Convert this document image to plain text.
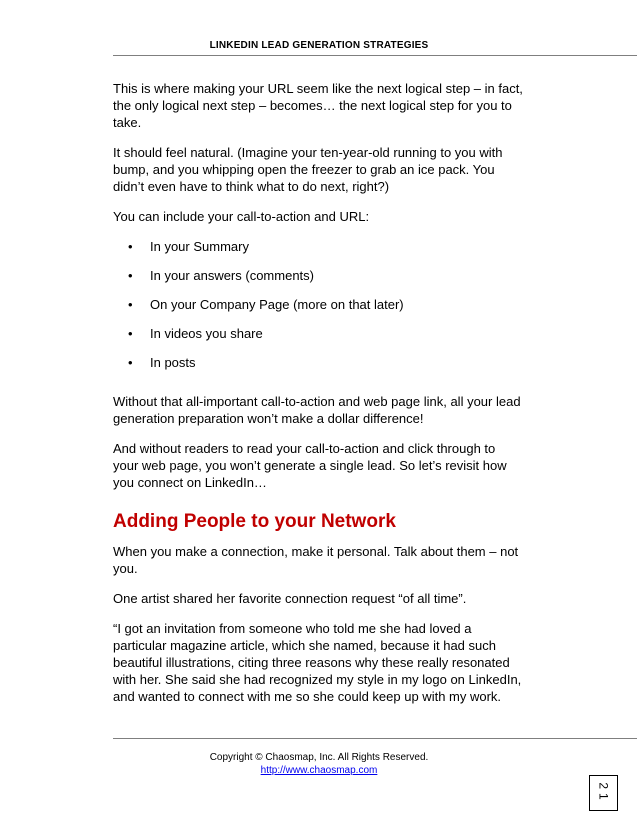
LINKEDIN LEAD GENERATION STRATEGIES

This is where making your URL seem like the next logical step – in fact, the only logical next step – becomes… the next logical step for you to take.

It should feel natural. (Imagine your ten-year-old running to you with bump, and you whipping open the freezer to grab an ice pack. You didn’t even have to think what to do next, right?)

You can include your call-to-action and URL:

• In your Summary
• In your answers (comments)
• On your Company Page (more on that later)
• In videos you share
• In posts

Without that all-important call-to-action and web page link, all your lead generation preparation won’t make a dollar difference!

And without readers to read your call-to-action and click through to your web page, you won’t generate a single lead. So let’s revisit how you connect on LinkedIn…

Adding People to your Network

When you make a connection, make it personal. Talk about them – not you.

One artist shared her favorite connection request “of all time”.

“I got an invitation from someone who told me she had loved a particular magazine article, which she named, because it had such beautiful illustrations, citing three reasons why these really resonated with her. She said she had recognized my style in my logo on LinkedIn, and wanted to connect with me so she could keep up with my work.

Copyright © Chaosmap, Inc. All Rights Reserved.
http://www.chaosmap.com
21
